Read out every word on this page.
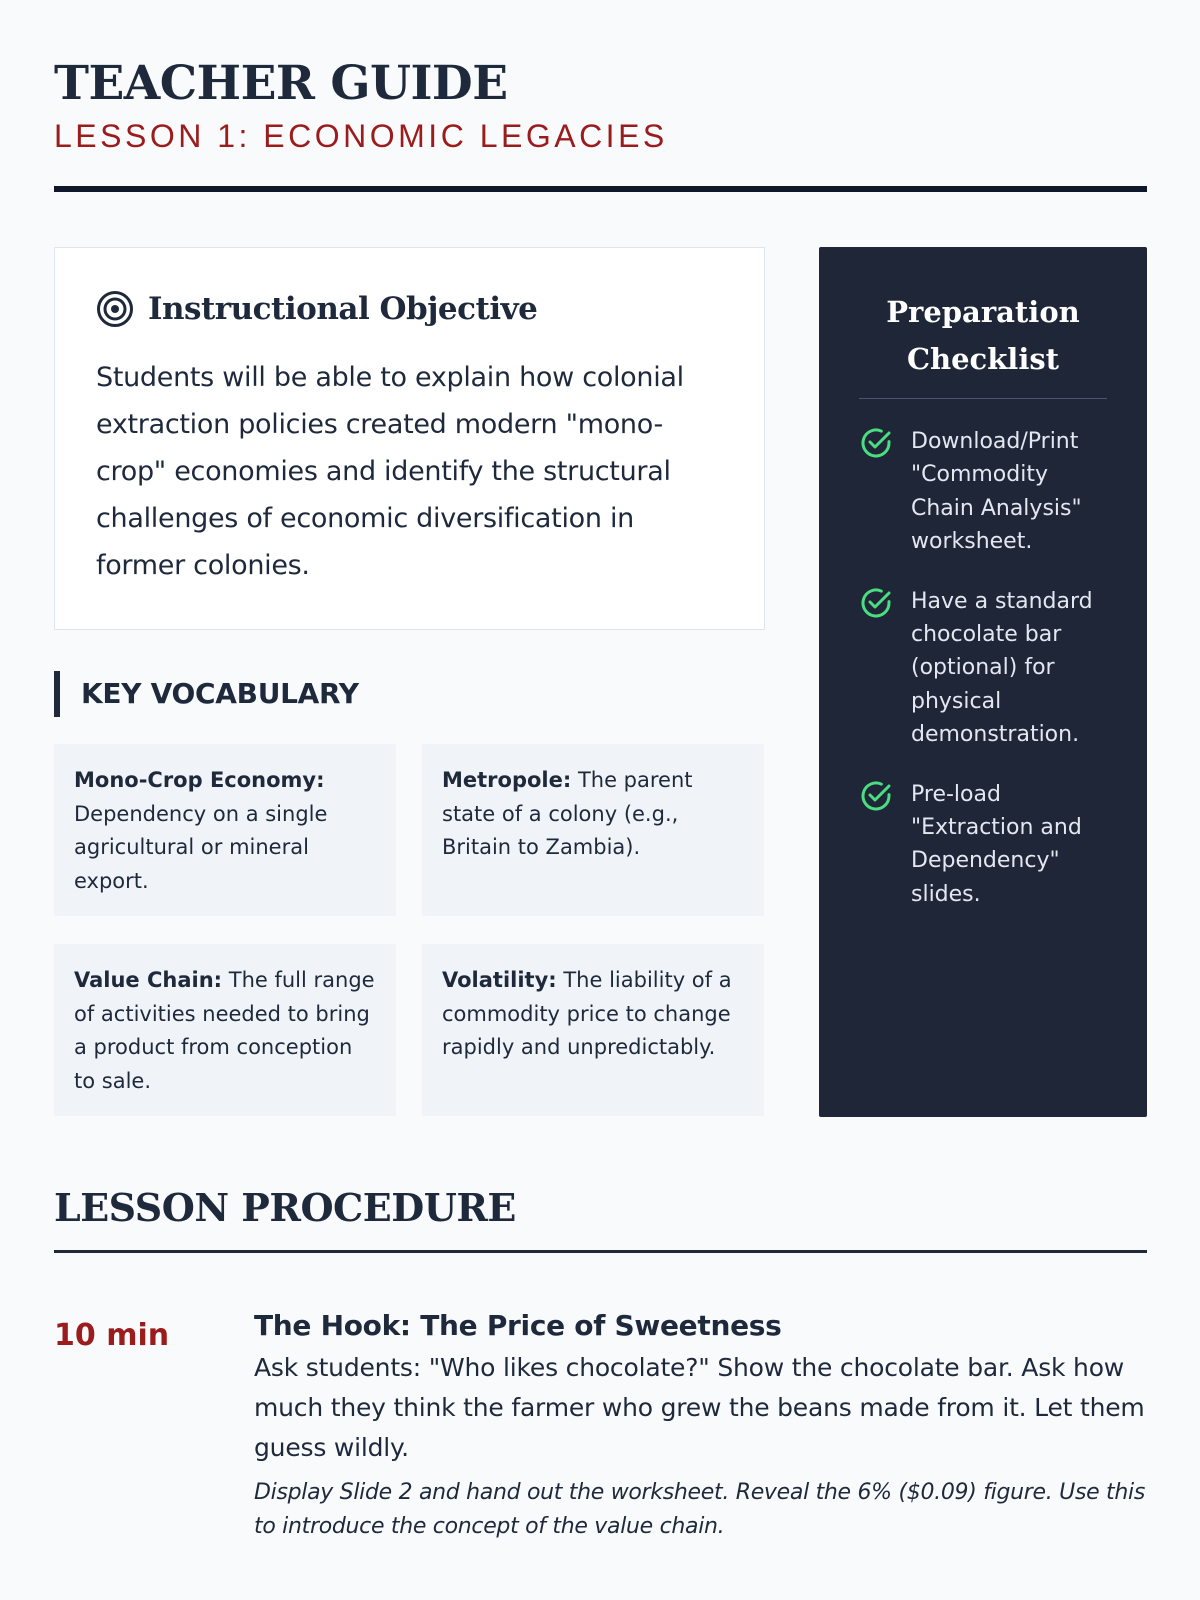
TEACHER GUIDE
LESSON 1: ECONOMIC LEGACIES
Instructional Objective

Students will be able to explain how colonial extraction policies created modern "mono-crop" economies and identify the structural challenges of economic diversification in former colonies.

KEY VOCABULARY
Mono-Crop Economy: Dependency on a single agricultural or mineral export.
Metropole: The parent state of a colony (e.g., Britain to Zambia).
Value Chain: The full range of activities needed to bring a product from conception to sale.
Volatility: The liability of a commodity price to change rapidly and unpredictably.
Preparation Checklist
Download/Print "Commodity Chain Analysis" worksheet.
Have a standard chocolate bar (optional) for physical demonstration.
Pre-load "Extraction and Dependency" slides.
LESSON PROCEDURE
10 min	The Hook: The Price of Sweetness

Ask students: "Who likes chocolate?" Show the chocolate bar. Ask how much they think the farmer who grew the beans made from it. Let them guess wildly.

Display Slide 2 and hand out the worksheet. Reveal the 6% ($0.09) figure. Use this to introduce the concept of the value chain.
